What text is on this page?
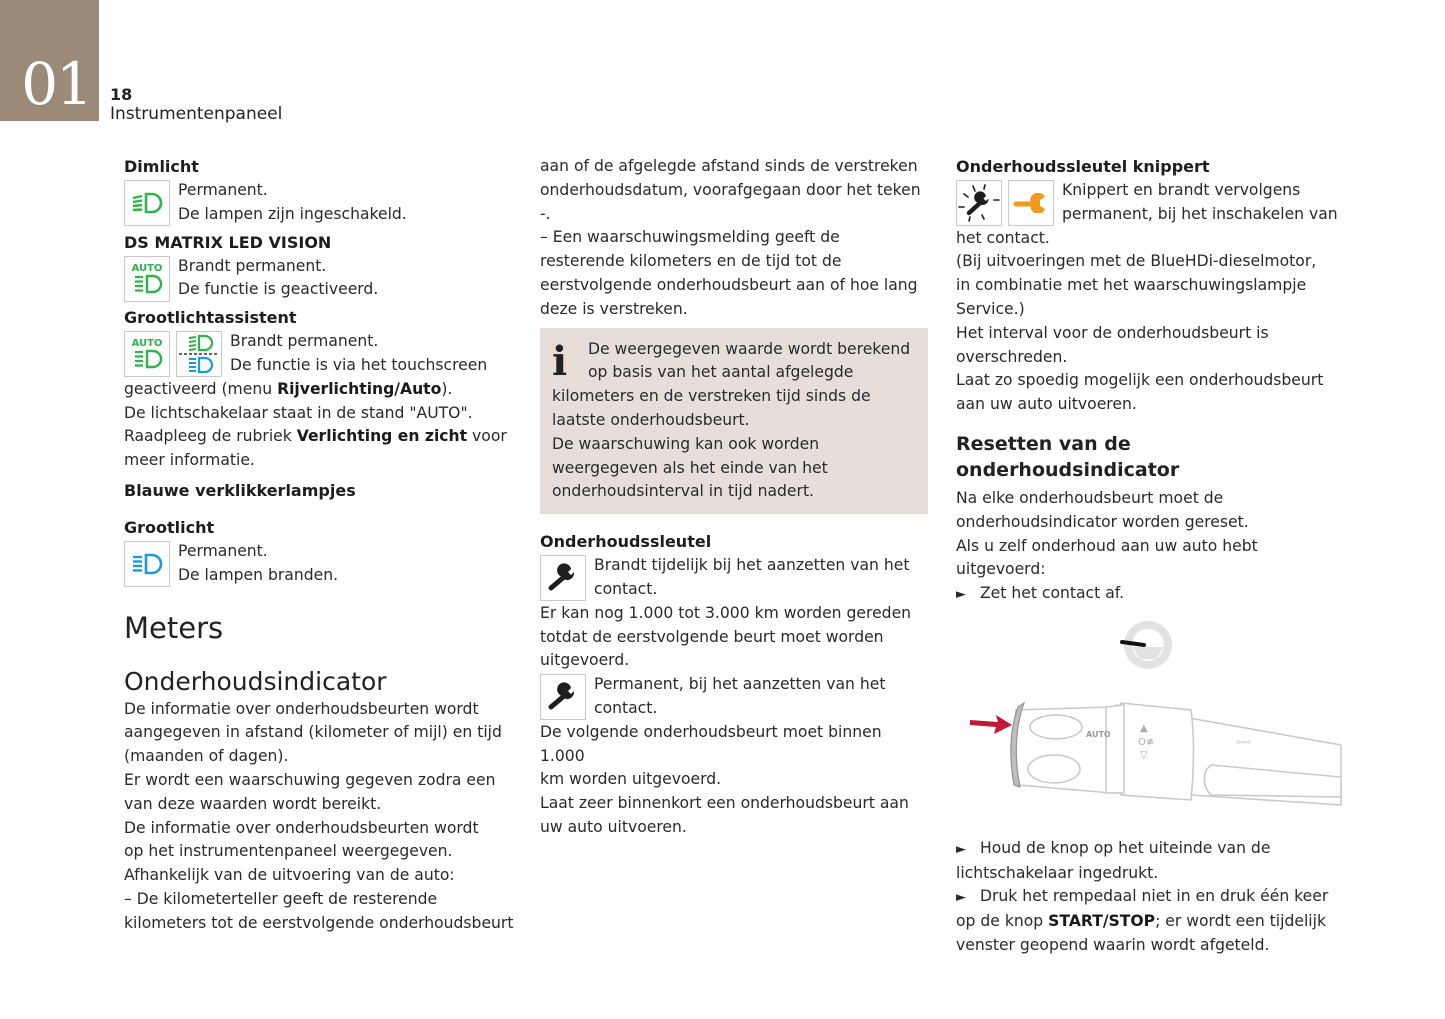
01 18
Instrumentenpaneel

Dimlicht

Permanent.

De lampen zijn ingeschakeld.

DS MATRIX LED VISION

AUTO Brandt permanent.

De functie is geactiveerd.

Grootlichtassistent

AUTO	Brandt permanent.

De functie is via het touchscreen

geactiveerd (menu Rijverlichting/Auto).

De lichtschakelaar staat in de stand "AUTO".

Raadpleeg de rubriek Verlichting en zicht voor

meer informatie.

Blauwe verklikkerlampjes

Grootlicht

Permanent.

De lampen branden.

Meters

Onderhoudsindicator

De informatie over onderhoudsbeurten wordt

aangegeven in afstand (kilometer of mijl) en tijd

(maanden of dagen).

Er wordt een waarschuwing gegeven zodra een

van deze waarden wordt bereikt.

De informatie over onderhoudsbeurten wordt

op het instrumentenpaneel weergegeven.

Afhankelijk van de uitvoering van de auto:

– De kilometerteller geeft de resterende

kilometers tot de eerstvolgende onderhoudsbeurt

aan of de afgelegde afstand sinds de verstreken

onderhoudsdatum, voorafgegaan door het teken -.

– Een waarschuwingsmelding geeft de

resterende kilometers en de tijd tot de

eerstvolgende onderhoudsbeurt aan of hoe lang

deze is verstreken.

i	De weergegeven waarde wordt berekend

op basis van het aantal afgelegde

kilometers en de verstreken tijd sinds de

laatste onderhoudsbeurt.

De waarschuwing kan ook worden

weergegeven als het einde van het

onderhoudsinterval in tijd nadert.

Onderhoudssleutel

Brandt tijdelijk bij het aanzetten van het

contact.

Er kan nog 1.000 tot 3.000 km worden gereden

totdat de eerstvolgende beurt moet worden

uitgevoerd.

Permanent, bij het aanzetten van het

contact.

De volgende onderhoudsbeurt moet binnen 1.000

km worden uitgevoerd.

Laat zeer binnenkort een onderhoudsbeurt aan

uw auto uitvoeren.

Onderhoudssleutel knippert

Knippert en brandt vervolgens

permanent, bij het inschakelen van

het contact.

(Bij uitvoeringen met de BlueHDi-dieselmotor,

in combinatie met het waarschuwingslampje

Service.)

Het interval voor de onderhoudsbeurt is

overschreden.

Laat zo spoedig mogelijk een onderhoudsbeurt

aan uw auto uitvoeren.

Resetten van de onderhoudsindicator

Na elke onderhoudsbeurt moet de

onderhoudsindicator worden gereset.

Als u zelf onderhoud aan uw auto hebt uitgevoerd:

► Zet het contact af.

AUTO
▲
O≢
▽
⇦⇨

► Houd de knop op het uiteinde van de

lichtschakelaar ingedrukt.

► Druk het rempedaal niet in en druk één keer

op de knop START/STOP; er wordt een tijdelijk

venster geopend waarin wordt afgeteld.
